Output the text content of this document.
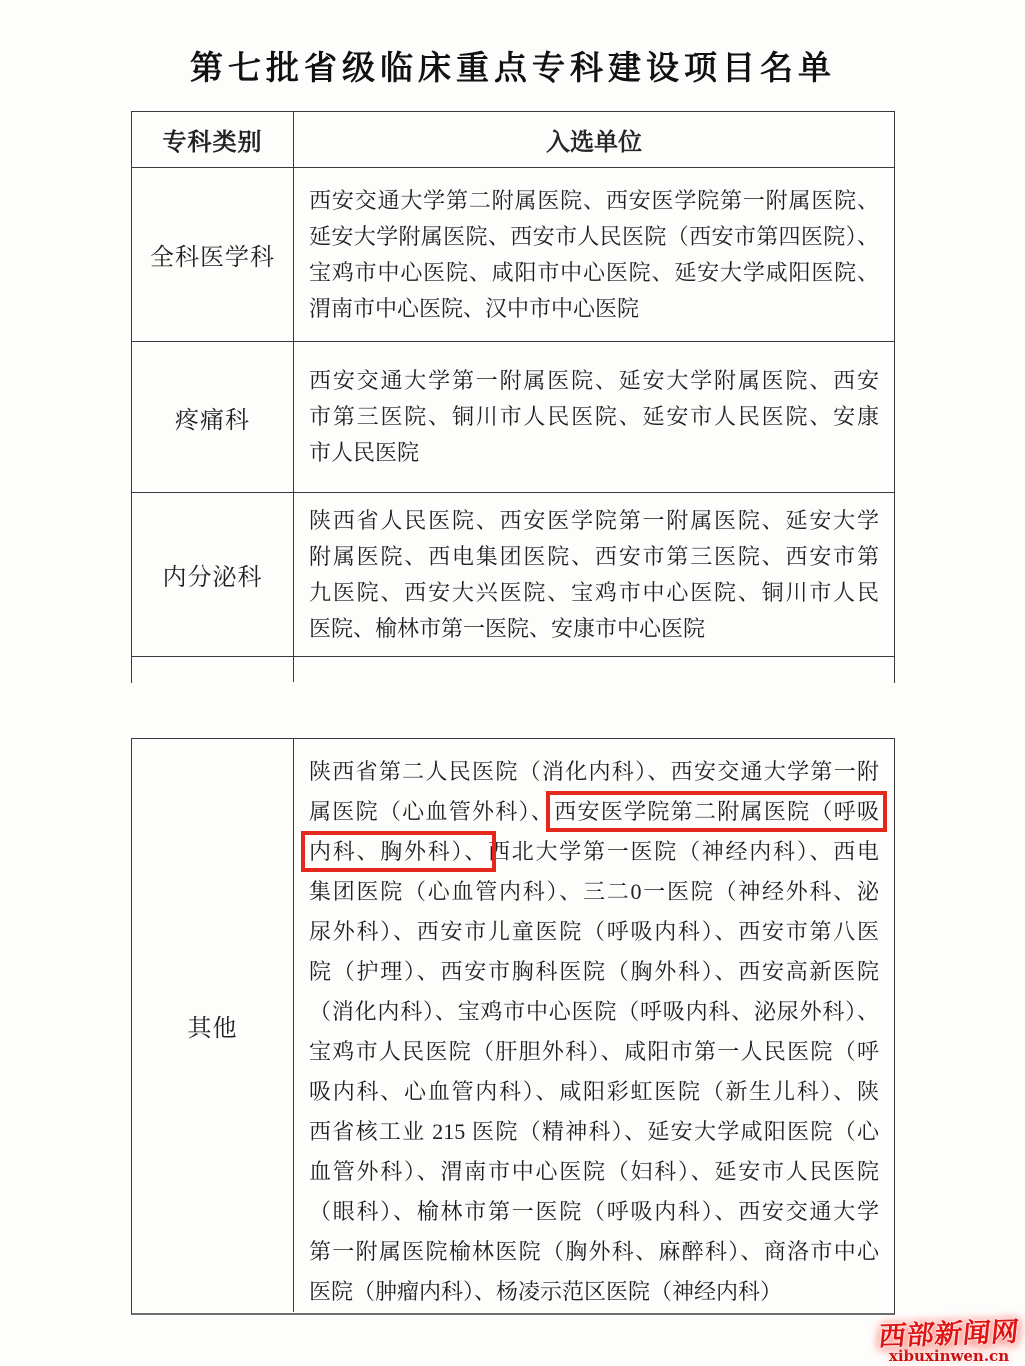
第七批省级临床重点专科建设项目名单
专科类别	入选单位
全科医学科
西安交通大学第二附属医院、西安医学院第一附属医院、
延安大学附属医院、西安市人民医院（西安市第四医院）、
宝鸡市中心医院、咸阳市中心医院、延安大学咸阳医院、
渭南市中心医院、汉中市中心医院
疼痛科
西安交通大学第一附属医院、延安大学附属医院、西安
市第三医院、铜川市人民医院、延安市人民医院、安康
市人民医院
内分泌科
陕西省人民医院、西安医学院第一附属医院、延安大学
附属医院、西电集团医院、西安市第三医院、西安市第
九医院、西安大兴医院、宝鸡市中心医院、铜川市人民
医院、榆林市第一医院、安康市中心医院
其他
陕西省第二人民医院（消化内科）、西安交通大学第一附
属医院（心血管外科）、西安医学院第二附属医院（呼吸
内科、胸外科）、西北大学第一医院（神经内科）、西电
集团医院（心血管内科）、三二0一医院（神经外科、泌
尿外科）、西安市儿童医院（呼吸内科）、西安市第八医
院（护理）、西安市胸科医院（胸外科）、西安高新医院
（消化内科）、宝鸡市中心医院（呼吸内科、泌尿外科）、
宝鸡市人民医院（肝胆外科）、咸阳市第一人民医院（呼
吸内科、心血管内科）、咸阳彩虹医院（新生儿科）、陕
西省核工业 215 医院（精神科）、延安大学咸阳医院（心
血管外科）、渭南市中心医院（妇科）、延安市人民医院
（眼科）、榆林市第一医院（呼吸内科）、西安交通大学
第一附属医院榆林医院（胸外科、麻醉科）、商洛市中心
医院（肿瘤内科）、杨凌示范区医院（神经内科）
西部新闻网
xibuxinwen.cn
